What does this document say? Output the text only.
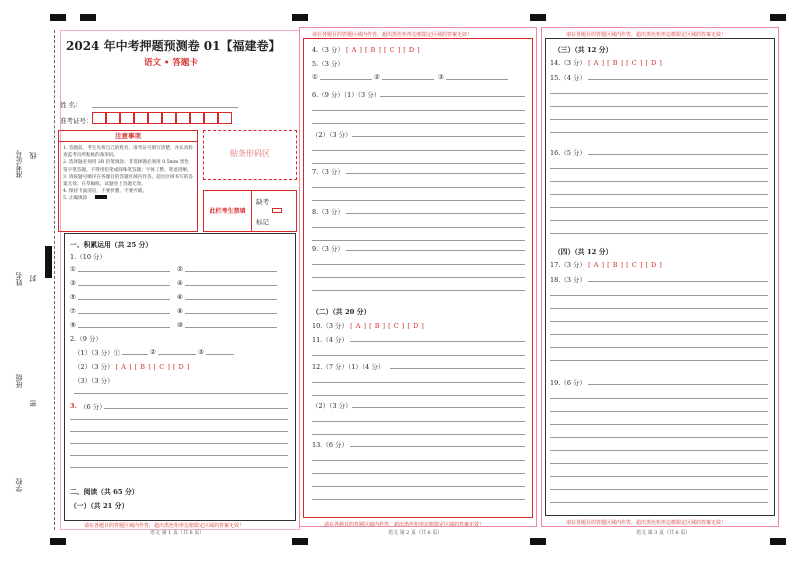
准考证号 线
姓名 封
班级
密
学校
2024 年中考押题预测卷 01【福建卷】
语文 • 答题卡
姓 名：
准考证号：
注意事项
1. 答题前，考生先将自己的姓名，准考证号填写清楚，并认真检查监考员所粘贴的条形码。
2. 选择题必须用 2B 铅笔填涂；非选择题必须用 0.5mm 黑色签字笔答题，不得用铅笔或圆珠笔答题；字体工整、笔迹清晰。
3. 请按题号顺序在各题目的答题区域内作答，超出区域书写的答案无效；在草稿纸、试题卷上答题无效。
4. 保持卡面清洁，不要折叠、不要弄破。
5. 正确填涂
贴条形码区
此栏考生禁填
缺考
标记
一、积累运用（共 25 分）
1.（10 分）
①	②
③	④
⑤	⑥
⑦	⑧
⑨	⑩
2.（9 分）
（1）（3 分）①	②	③
（2）（3 分） [ A ] [ B ] [ C ] [ D ]
（3）（3 分）
3. （6 分）
二、阅读（共 65 分）
（一）（共 21 分）
请在各题目的答题区域内作答，超出黑色矩形边框限定区域的答案无效！
语文 第 1 页（共 6 页）
请在各题目的答题区域内作答，超出黑色矩形边框限定区域的答案无效！
4.（3 分） [ A ] [ B ] [ C ] [ D ]
5.（3 分）
①	②	③
6.（9 分）（1）（3 分）
（2）（3 分）
7.（3 分）
8.（3 分）
9.（3 分）
（二）（共 20 分）
10.（3 分） [ A ] [ B ] [ C ] [ D ]
11.（4 分）
12.（7 分）（1）（4 分）
（2）（3 分）
13.（6 分）
请在各题目的答题区域内作答，超出黑色矩形边框限定区域的答案无效！
语文 第 2 页（共 6 页）
请在各题目的答题区域内作答，超出黑色矩形边框限定区域的答案无效！
（三）（共 12 分）
14.（3 分） [ A ] [ B ] [ C ] [ D ]
15.（4 分）
16.（5 分）
（四）（共 12 分）
17.（3 分） [ A ] [ B ] [ C ] [ D ]
18.（3 分）
19.（6 分）
请在各题目的答题区域内作答，超出黑色矩形边框限定区域的答案无效！
语文 第 3 页（共 6 页）
